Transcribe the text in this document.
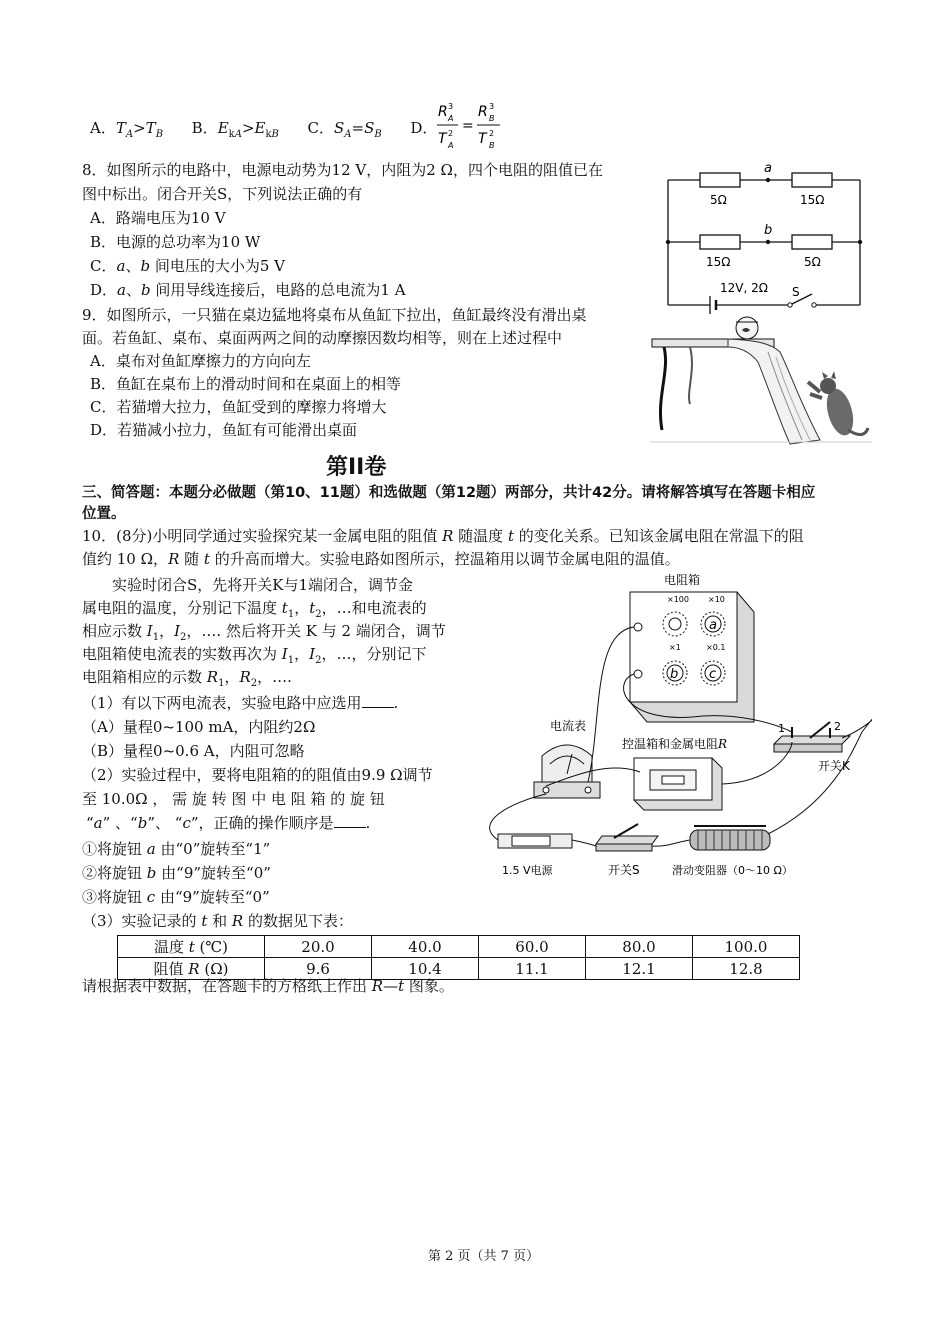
A．$T_A>T_B$ B．$E_{kA}>E_{kB}$ C．$S_A=S_B$ D．
R 3
A
T 2
A
=
R 3
B
T 2
B
8．如图所示的电路中，电源电动势为12 V，内阻为2 Ω，四个电阻的阻值已在
图中标出。闭合开关S，下列说法正确的有
A．路端电压为10 V
B．电源的总功率为10 W
C．a、b 间电压的大小为5 V
D．a、b 间用导线连接后，电路的总电流为1 A
a
b
5Ω	15Ω
15Ω	5Ω
12V, 2Ω S
9．如图所示，一只猫在桌边猛地将桌布从鱼缸下拉出，鱼缸最终没有滑出桌
面。若鱼缸、桌布、桌面两两之间的动摩擦因数均相等，则在上述过程中
A．桌布对鱼缸摩擦力的方向向左
B．鱼缸在桌布上的滑动时间和在桌面上的相等
C．若猫增大拉力，鱼缸受到的摩擦力将增大
D．若猫减小拉力，鱼缸有可能滑出桌面
第II卷
三、简答题：本题分必做题（第10、11题）和选做题（第12题）两部分，共计42分。请将解答填写在答题卡相应
位置。
10．(8分)小明同学通过实验探究某一金属电阻的阻值 R 随温度 t 的变化关系。已知该金属电阻在常温下的阻
值约 10 Ω，R 随 t 的升高而增大。实验电路如图所示，控温箱用以调节金属电阻的温值。
实验时闭合S，先将开关K与1端闭合，调节金
属电阻的温度，分别记下温度 $t_1$，$t_2$，…和电流表的
相应示数 $I_1$，$I_2$，…. 然后将开关 K 与 2 端闭合，调节
电阻箱使电流表的实数再次为 $I_1$，$I_2$，…，分别记下
电阻箱相应的示数 $R_1$，$R_2$，….
（1）有以下两电流表，实验电路中应选用 .
（A）量程0~100 mA，内阻约2Ω
（B）量程0~0.6 A，内阻可忽略
（2）实验过程中，要将电阻箱的的阻值由9.9 Ω调节
至 10.0Ω ， 需 旋 转 图 中 电 阻 箱 的 旋 钮
“a” 、“b”、 “c”，正确的操作顺序是 .
①将旋钮 a 由“0”旋转至“1”
②将旋钮 b 由“9”旋转至“0”
③将旋钮 c 由“9”旋转至“0”
（3）实验记录的 t 和 R 的数据见下表：
电阻箱
×100 ×10
×1	×0.1
a
b c
电流表
控温箱和金属电阻R
1	2
开关K
1.5 V电源	开关S	滑动变阻器（0～10 Ω）
温度 t (℃)	20.0	40.0	60.0	80.0	100.0
阻值 R (Ω)	9.6	10.4	11.1	12.1	12.8
请根据表中数据，在答题卡的方格纸上作出 R—t 图象。
第 2 页（共 7 页）
